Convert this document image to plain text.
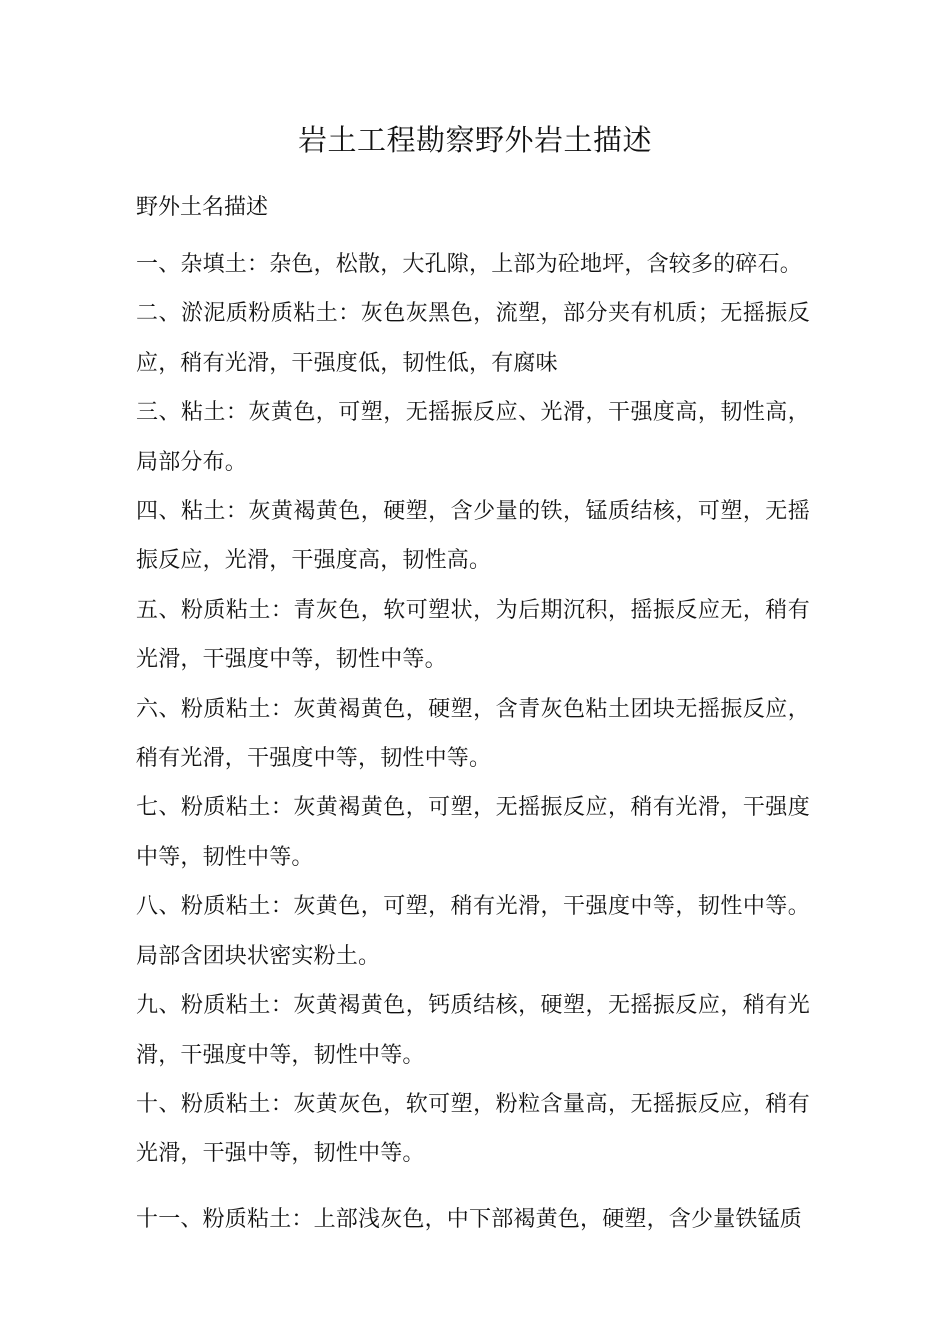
岩土工程勘察野外岩土描述
野外土名描述

一、杂填土：杂色，松散，大孔隙，上部为砼地坪，含较多的碎石。

二、淤泥质粉质粘土：灰色灰黑色，流塑，部分夹有机质；无摇振反应，稍有光滑，干强度低，韧性低，有腐味

三、粘土：灰黄色，可塑，无摇振反应、光滑，干强度高，韧性高，局部分布。

四、粘土：灰黄褐黄色，硬塑，含少量的铁，锰质结核，可塑，无摇振反应，光滑，干强度高，韧性高。

五、粉质粘土：青灰色，软可塑状，为后期沉积，摇振反应无，稍有光滑，干强度中等，韧性中等。

六、粉质粘土：灰黄褐黄色，硬塑，含青灰色粘土团块无摇振反应，稍有光滑，干强度中等，韧性中等。

七、粉质粘土：灰黄褐黄色，可塑，无摇振反应，稍有光滑，干强度中等，韧性中等。

八、粉质粘土：灰黄色，可塑，稍有光滑，干强度中等，韧性中等。局部含团块状密实粉土。

九、粉质粘土：灰黄褐黄色，钙质结核，硬塑，无摇振反应，稍有光滑，干强度中等，韧性中等。

十、粉质粘土：灰黄灰色，软可塑，粉粒含量高，无摇振反应，稍有光滑，干强中等，韧性中等。

十一、粉质粘土：上部浅灰色，中下部褐黄色，硬塑，含少量铁锰质
